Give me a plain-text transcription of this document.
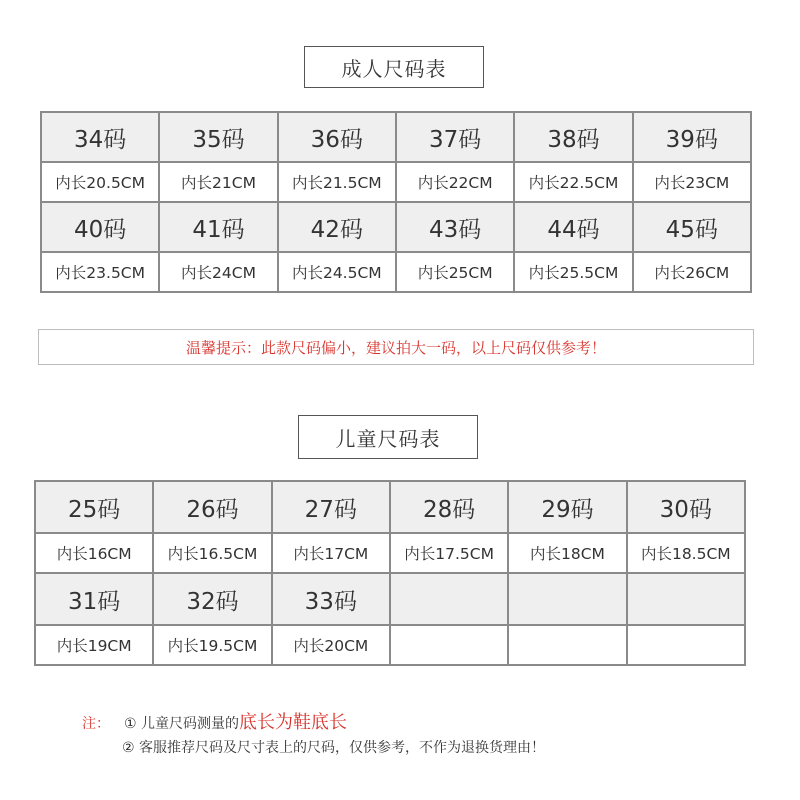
成人尺码表
34码	35码	36码	37码	38码	39码
内长20.5CM	内长21CM	内长21.5CM	内长22CM	内长22.5CM	内长23CM
40码	41码	42码	43码	44码	45码
内长23.5CM	内长24CM	内长24.5CM	内长25CM	内长25.5CM	内长26CM
温馨提示：此款尺码偏小，建议拍大一码，以上尺码仅供参考！
儿童尺码表
25码	26码	27码	28码	29码	30码
内长16CM	内长16.5CM	内长17CM	内长17.5CM	内长18CM	内长18.5CM
31码	32码	33码			
内长19CM	内长19.5CM	内长20CM			
注： ① 儿童尺码测量的 底长为鞋底长
② 客服推荐尺码及尺寸表上的尺码，仅供参考，不作为退换货理由！
